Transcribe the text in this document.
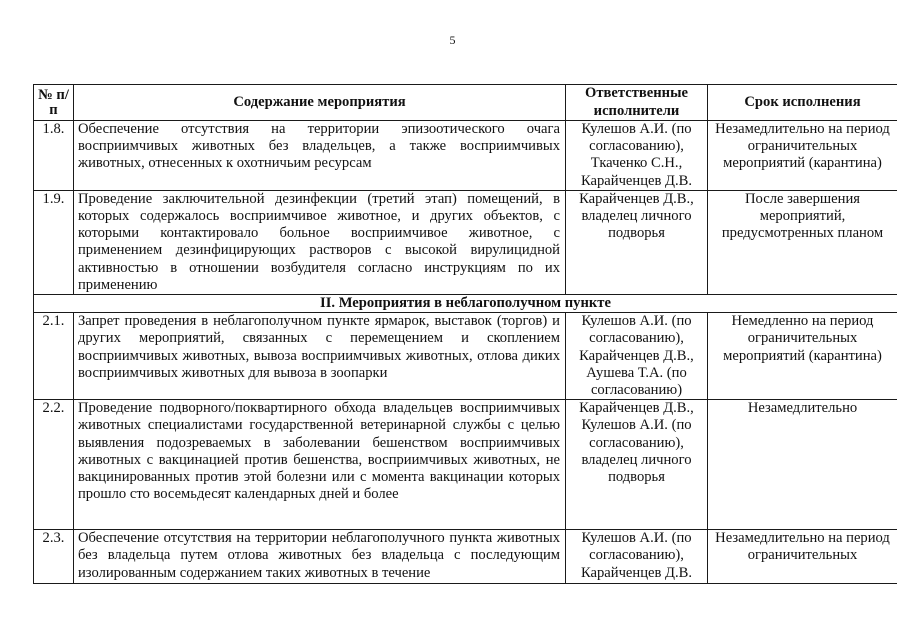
5
№ п/п	Содержание мероприятия	Ответственные исполнители	Срок исполнения
1.8.	Обеспечение отсутствия на территории эпизоотического очага восприимчивых животных без владельцев, а также восприимчивых животных, отнесенных к охотничьим ресурсам	Кулешов А.И. (по согласованию), Ткаченко С.Н., Карайченцев Д.В.	Незамедлительно на период ограничительных мероприятий (карантина)
1.9.	Проведение заключительной дезинфекции (третий этап) помещений, в которых содержалось восприимчивое животное, и других объектов, с которыми контактировало больное восприимчивое животное, с применением дезинфицирующих растворов с высокой вирулицидной активностью в отношении возбудителя согласно инструкциям по их применению	Карайченцев Д.В., владелец личного подворья	После завершения мероприятий, предусмотренных планом
II. Мероприятия в неблагополучном пункте			
2.1.	Запрет проведения в неблагополучном пункте ярмарок, выставок (торгов) и других мероприятий, связанных с перемещением и скоплением восприимчивых животных, вывоза восприимчивых животных, отлова диких восприимчивых животных для вывоза в зоопарки	Кулешов А.И. (по согласованию), Карайченцев Д.В., Аушева Т.А. (по согласованию)	Немедленно на период ограничительных мероприятий (карантина)
2.2.	Проведение подворного/поквартирного обхода владельцев восприимчивых животных специалистами государственной ветеринарной службы с целью выявления подозреваемых в заболевании бешенством восприимчивых животных с вакцинацией против бешенства, восприимчивых животных, не вакцинированных против этой болезни или с момента вакцинации которых прошло сто восемьдесят календарных дней и более	Карайченцев Д.В., Кулешов А.И. (по согласованию), владелец личного подворья	Незамедлительно
2.3.	Обеспечение отсутствия на территории неблагополучного пункта животных без владельца путем отлова животных без владельца с последующим изолированным содержанием таких животных в течение	Кулешов А.И. (по согласованию), Карайченцев Д.В.	Незамедлительно на период ограничительных
